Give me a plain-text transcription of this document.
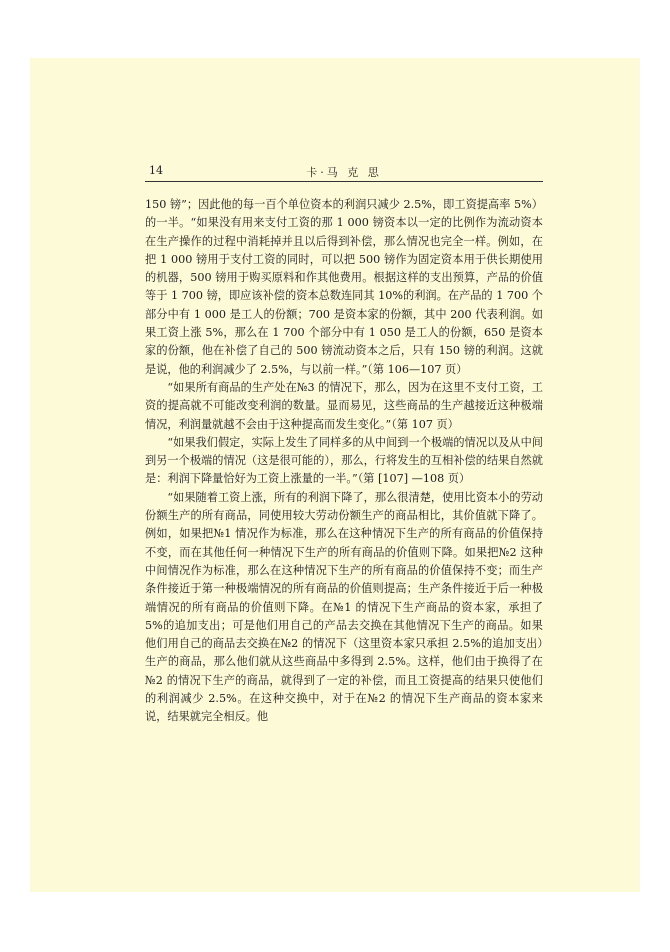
14	卡·马 克 思

150 镑”；因此他的每一百个单位资本的利润只减少 2.5%，即工资提高率 5%）的一半。“如果没有用来支付工资的那 1 000 镑资本以一定的比例作为流动资本在生产操作的过程中消耗掉并且以后得到补偿，那么情况也完全一样。例如，在把 1 000 镑用于支付工资的同时，可以把 500 镑作为固定资本用于供长期使用的机器，500 镑用于购买原料和作其他费用。根据这样的支出预算，产品的价值等于 1 700 镑，即应该补偿的资本总数连同其 10%的利润。在产品的 1 700 个部分中有 1 000 是工人的份额；700 是资本家的份额，其中 200 代表利润。如果工资上涨 5%，那么在 1 700 个部分中有 1 050 是工人的份额，650 是资本家的份额，他在补偿了自己的 500 镑流动资本之后，只有 150 镑的利润。这就是说，他的利润减少了 2.5%，与以前一样。”（第 106—107 页）

“如果所有商品的生产处在№3 的情况下，那么，因为在这里不支付工资，工资的提高就不可能改变利润的数量。显而易见，这些商品的生产越接近这种极端情况，利润量就越不会由于这种提高而发生变化。”（第 107 页）

“如果我们假定，实际上发生了同样多的从中间到一个极端的情况以及从中间到另一个极端的情况（这是很可能的），那么，行将发生的互相补偿的结果自然就是：利润下降量恰好为工资上涨量的一半。”（第 [107] —108 页）

“如果随着工资上涨，所有的利润下降了，那么很清楚，使用比资本小的劳动份额生产的所有商品，同使用较大劳动份额生产的商品相比，其价值就下降了。例如，如果把№1 情况作为标准，那么在这种情况下生产的所有商品的价值保持不变，而在其他任何一种情况下生产的所有商品的价值则下降。如果把№2 这种中间情况作为标准，那么在这种情况下生产的所有商品的价值保持不变；而生产条件接近于第一种极端情况的所有商品的价值则提高；生产条件接近于后一种极端情况的所有商品的价值则下降。在№1 的情况下生产商品的资本家，承担了 5%的追加支出；可是他们用自己的产品去交换在其他情况下生产的商品。如果他们用自己的商品去交换在№2 的情况下（这里资本家只承担 2.5%的追加支出）生产的商品，那么他们就从这些商品中多得到 2.5%。这样，他们由于换得了在№2 的情况下生产的商品，就得到了一定的补偿，而且工资提高的结果只使他们的利润减少 2.5%。在这种交换中，对于在№2 的情况下生产商品的资本家来说，结果就完全相反。他
